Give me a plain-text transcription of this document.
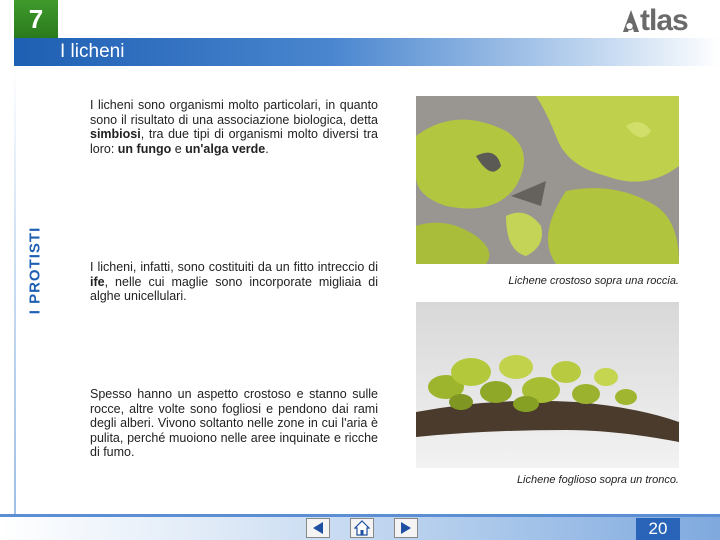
7
I licheni
tlas
I PROTISTI
I licheni sono organismi molto particolari, in quanto sono il risultato di una associazione biologica, detta simbiosi, tra due tipi di organismi molto diversi tra loro: un fungo e un'alga verde.
I licheni, infatti, sono costituiti da un fitto intreccio di ife, nelle cui maglie sono incorporate migliaia di alghe unicellulari.
Spesso hanno un aspetto crostoso e stanno sulle rocce, altre volte sono fogliosi e pendono dai rami degli alberi. Vivono soltanto nelle zone in cui l'aria è pulita, perché muoiono nelle aree inquinate e ricche di fumo.
Lichene crostoso sopra una roccia.
Lichene foglioso sopra un tronco.
20
